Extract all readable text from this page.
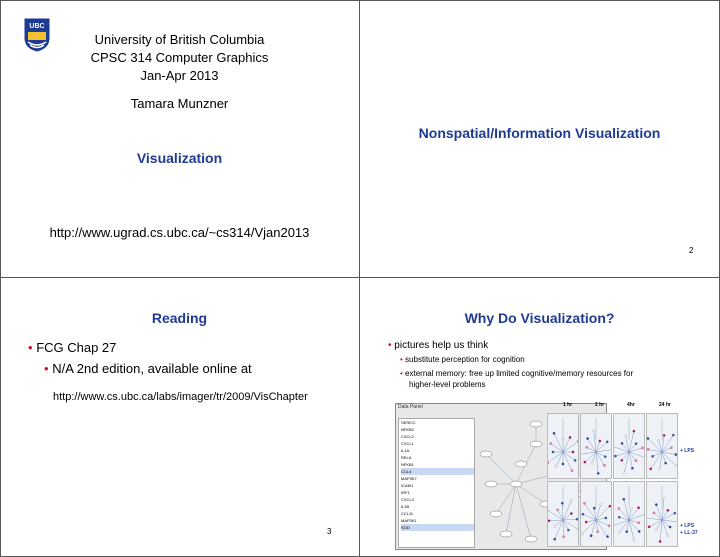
UBC
University of British Columbia
CPSC 314 Computer Graphics
Jan-Apr 2013
Tamara Munzner
Visualization
http://www.ugrad.cs.ubc.ca/~cs314/Vjan2013
Nonspatial/Information Visualization
2
Reading
• FCG Chap 27
• N/A 2nd edition, available online at
http://www.cs.ubc.ca/labs/imager/tr/2009/VisChapter
3
Why Do Visualization?
• pictures help us think
• substitute perception for cognition
• external memory: free up limited cognitive/memory resources for
higher-level problems
Data Panel
SERIC2
NFKB2
CXCL2
CXCL1
IL1A
RELA
NFKB1
CCL4
MAP3K7
ICAM1
IRF1
CXCL3
IL1B
CCL11
MAP3K1
SOD
1 hr	2 hr	4hr	24 hr
+ LPS
+ LPS
+ LL-37
